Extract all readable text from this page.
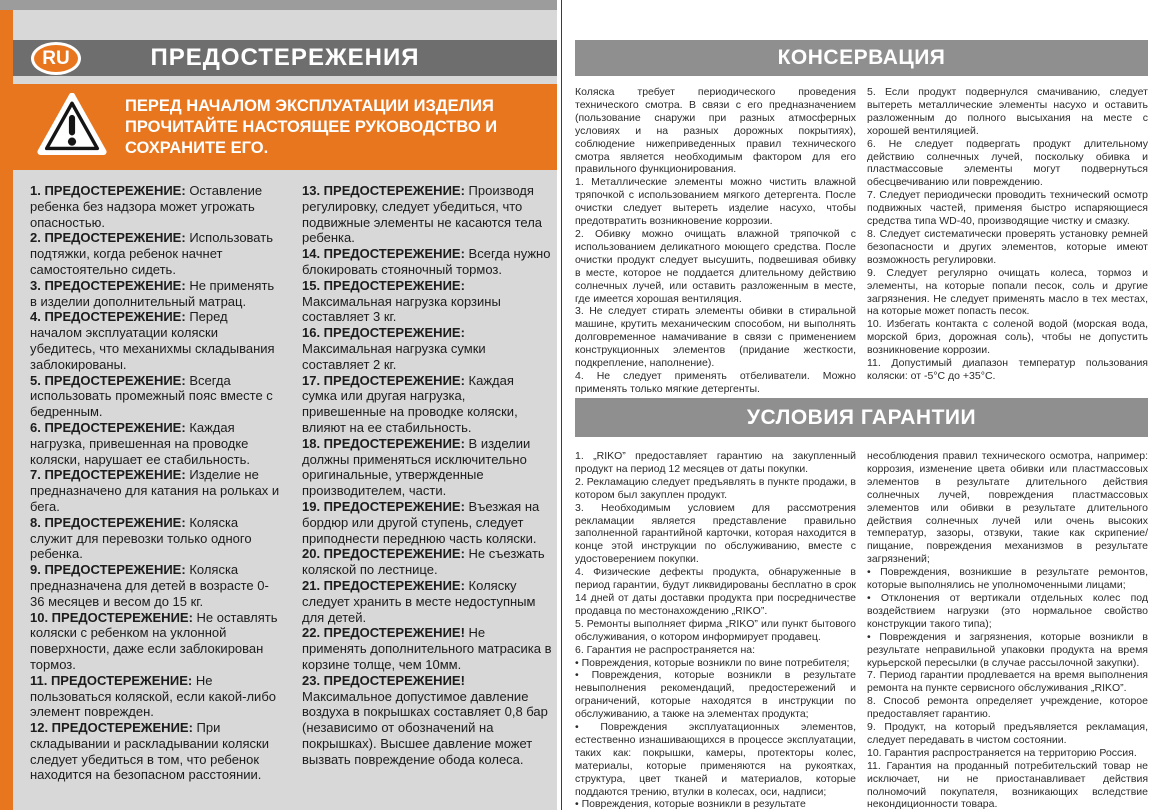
RU	ПРЕДОСТЕРЕЖЕНИЯ
ПЕРЕД НАЧАЛОМ ЭКСПЛУАТАЦИИ ИЗДЕЛИЯ ПРОЧИТАЙТЕ НАСТОЯЩЕЕ РУКОВОДСТВО И СОХРАНИТЕ ЕГО.

1. ПРЕДОСТЕРЕЖЕНИЕ: Оставление ребенка без надзора может угрожать опасностью.

2. ПРЕДОСТЕРЕЖЕНИЕ: Использовать подтяжки, когда ребенок начнет самостоятельно сидеть.

3. ПРЕДОСТЕРЕЖЕНИЕ: Не применять в изделии дополнительный матрац.

4. ПРЕДОСТЕРЕЖЕНИЕ: Перед началом эксплуатации коляски убедитесь, что механихмы складывания заблокированы.

5. ПРЕДОСТЕРЕЖЕНИЕ: Всегда использовать промежный пояс вместе с бедренным.

6. ПРЕДОСТЕРЕЖЕНИЕ: Каждая нагрузка, привешенная на проводке коляски, нарушает ее стабильность.

7. ПРЕДОСТЕРЕЖЕНИЕ: Изделие не предназначено для катания на рольках и бега.

8. ПРЕДОСТЕРЕЖЕНИЕ: Коляска служит для перевозки только одного ребенка.

9. ПРЕДОСТЕРЕЖЕНИЕ: Коляска предназначена для детей в возрасте 0-36 месяцев и весом до 15 кг.

10. ПРЕДОСТЕРЕЖЕНИЕ: Не оставлять коляски с ребенком на уклонной поверхности, даже если заблокирован тормоз.

11. ПРЕДОСТЕРЕЖЕНИЕ: Не пользоваться коляской, если какой-либо элемент поврежден.

12. ПРЕДОСТЕРЕЖЕНИЕ: При складывании и раскладывании коляски следует убедиться в том, что ребенок находится на безопасном расстоянии.

13. ПРЕДОСТЕРЕЖЕНИЕ: Производя регулировку, следует убедиться, что подвижные элементы не касаются тела ребенка.

14. ПРЕДОСТЕРЕЖЕНИЕ: Всегда нужно блокировать стояночный тормоз.

15. ПРЕДОСТЕРЕЖЕНИЕ: Максимальная нагрузка корзины составляет 3 кг.

16. ПРЕДОСТЕРЕЖЕНИЕ: Максимальная нагрузка сумки составляет 2 кг.

17. ПРЕДОСТЕРЕЖЕНИЕ: Каждая сумка или другая нагрузка, привешенные на проводке коляски, влияют на ее стабильность.

18. ПРЕДОСТЕРЕЖЕНИЕ: В изделии должны применяться исключительно оригинальные, утвержденные производителем, части.

19. ПРЕДОСТЕРЕЖЕНИЕ: Въезжая на бордюр или другой ступень, следует приподнести переднюю часть коляски.

20. ПРЕДОСТЕРЕЖЕНИЕ: Не съезжать коляской по лестнице.

21. ПРЕДОСТЕРЕЖЕНИЕ: Коляску следует хранить в месте недоступным для детей.

22. ПРЕДОСТЕРЕЖЕНИЕ! Не применять дополнительного матрасика в корзине толще, чем 10мм.

23. ПРЕДОСТЕРЕЖЕНИЕ! Максимальное допустимое давление воздуха в покрышках составляет 0,8 бар (независимо от обозначений на покрышках). Высшее давление может вызвать повреждение обода колеса.

КОНСЕРВАЦИЯ

Коляска требует периодического проведения технического смотра. В связи с его предназначением (пользование снаружи при разных атмосферных условиях и на разных дорожных покрытиях), соблюдение нижеприведенных правил технического смотра является необходимым фактором для его правильного функционирования.

1. Металлические элементы можно чистить влажной тряпочкой с использованием мягкого детергента. После очистки следует вытереть изделие насухо, чтобы предотвратить возникновение коррозии.

2. Обивку можно очищать влажной тряпочкой с использованием деликатного моющего средства. После очистки продукт следует высушить, подвешивая обивку в месте, которое не поддается длительному действию солнечных лучей, или оставить разложенным в месте, где имеется хорошая вентиляция.

3. Не следует стирать элементы обивки в стиральной машине, крутить механическим способом, ни выполнять долговременное намачивание в связи с применением конструкционных элементов (придание жесткости, подкрепление, наполнение).

4. Не следует применять отбеливатели. Можно применять только мягкие детергенты.

5. Если продукт подвернулся смачиванию, следует вытереть металлические элементы насухо и оставить разложенным до полного высыхания на месте с хорошей вентиляцией.

6. Не следует подвергать продукт длительному действию солнечных лучей, поскольку обивка и пластмассовые элементы могут подвернуться обесцвечиванию или повреждению.

7. Следует периодически проводить технический осмотр подвижных частей, применяя быстро испаряющиеся средства типа WD-40, производящие чистку и смазку.

8. Следует систематически проверять установку ремней безопасности и других элементов, которые имеют возможность регулировки.

9. Следует регулярно очищать колеса, тормоз и элементы, на которые попали песок, соль и другие загрязнения. Не следует применять масло в тех местах, на которые может попасть песок.

10. Избегать контакта с соленой водой (морская вода, морской бриз, дорожная соль), чтобы не допустить возникновение коррозии.

11. Допустимый диапазон температур пользования коляски: от -5°C до +35°C.

УСЛОВИЯ ГАРАНТИИ

1. „RIKO” предоставляет гарантию на закупленный продукт на период 12 месяцев от даты покупки.

2. Рекламацию следует предъявлять в пункте продажи, в котором был закуплен продукт.

3. Необходимым условием для рассмотрения рекламации является представление правильно заполненной гарантийной карточки, которая находится в конце этой инструкции по обслуживанию, вместе с удостоверением покупки.

4. Физические дефекты продукта, обнаруженные в период гарантии, будут ликвидированы бесплатно в срок 14 дней от даты доставки продукта при посредничестве продавца по местонахождению „RIKO”.

5. Ремонты выполняет фирма „RIKO” или пункт бытового обслуживания, о котором информирует продавец.

6. Гарантия не распространяется на:

• Повреждения, которые возникли по вине потребителя;

• Повреждения, которые возникли в результате невыполнения рекомендаций, предостережений и ограничений, которые находятся в инструкции по обслуживанию, а также на элементах продукта;

• Повреждения эксплуатационных элементов, естественно изнашивающихся в процессе эксплуатации, таких как: покрышки, камеры, протекторы колес, материалы, которые применяются на рукоятках, структура, цвет тканей и материалов, которые поддаются трению, втулки в колесах, оси, надписи;

• Повреждения, которые возникли в результате

несоблюдения правил технического осмотра, например: коррозия, изменение цвета обивки или пластмассовых элементов в результате длительного действия солнечных лучей, повреждения пластмассовых элементов или обивки в результате длительного действия солнечных лучей или очень высоких температур, зазоры, отзвуки, такие как скрипение/ пищание, повреждения механизмов в результате загрязнений;

• Повреждения, возникшие в результате ремонтов, которые выполнялись не уполномоченными лицами;

• Отклонения от вертикали отдельных колес под воздействием нагрузки (это нормальное свойство конструкции такого типа);

• Повреждения и загрязнения, которые возникли в результате неправильной упаковки продукта на время курьерской пересылки (в случае рассылочной закупки).

7. Период гарантии продлевается на время выполнения ремонта на пункте сервисного обслуживания „RIKO”.

8. Способ ремонта определяет учреждение, которое предоставляет гарантию.

9. Продукт, на который предъявляется рекламация, следует передавать в чистом состоянии.

10. Гарантия распространяется на территорию Россия.

11. Гарантия на проданный потребительский товар не исключает, ни не приостанавливает действия полномочий покупателя, возникающих вследствие некондиционности товара.
